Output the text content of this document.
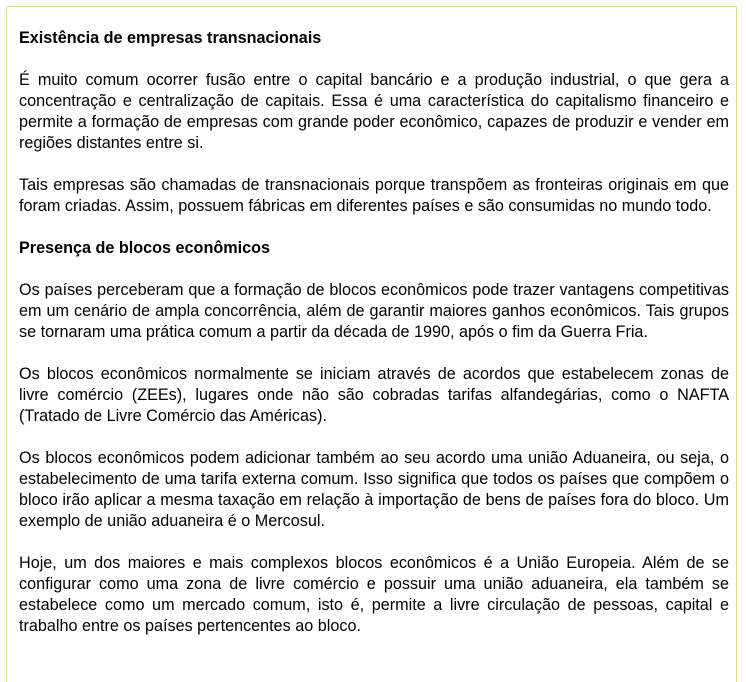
Existência de empresas transnacionais

É muito comum ocorrer fusão entre o capital bancário e a produção industrial, o que gera a concentração e centralização de capitais. Essa é uma característica do capitalismo financeiro e permite a formação de empresas com grande poder econômico, capazes de produzir e vender em regiões distantes entre si.

Tais empresas são chamadas de transnacionais porque transpõem as fronteiras originais em que foram criadas. Assim, possuem fábricas em diferentes países e são consumidas no mundo todo.

Presença de blocos econômicos

Os países perceberam que a formação de blocos econômicos pode trazer vantagens competitivas em um cenário de ampla concorrência, além de garantir maiores ganhos econômicos. Tais grupos se tornaram uma prática comum a partir da década de 1990, após o fim da Guerra Fria.

Os blocos econômicos normalmente se iniciam através de acordos que estabelecem zonas de livre comércio (ZEEs), lugares onde não são cobradas tarifas alfandegárias, como o NAFTA (Tratado de Livre Comércio das Américas).

Os blocos econômicos podem adicionar também ao seu acordo uma união Aduaneira, ou seja, o estabelecimento de uma tarifa externa comum. Isso significa que todos os países que compõem o bloco irão aplicar a mesma taxação em relação à importação de bens de países fora do bloco. Um exemplo de união aduaneira é o Mercosul.

Hoje, um dos maiores e mais complexos blocos econômicos é a União Europeia. Além de se configurar como uma zona de livre comércio e possuir uma união aduaneira, ela também se estabelece como um mercado comum, isto é, permite a livre circulação de pessoas, capital e trabalho entre os países pertencentes ao bloco.
